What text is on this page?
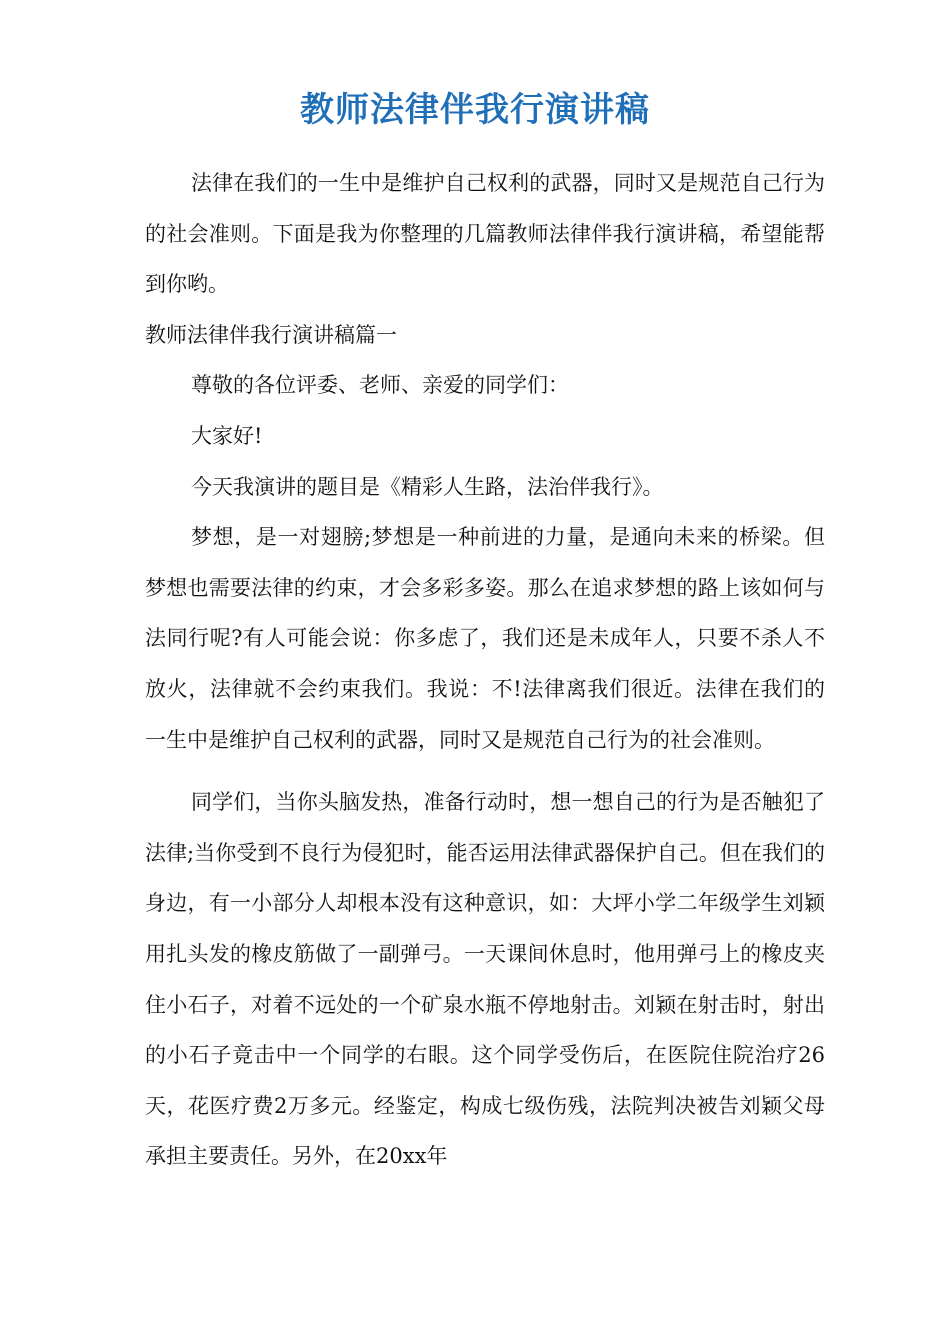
教师法律伴我行演讲稿

法律在我们的一生中是维护自己权利的武器，同时又是规范自己行为的社会准则。下面是我为你整理的几篇教师法律伴我行演讲稿，希望能帮到你哟。

教师法律伴我行演讲稿篇一

尊敬的各位评委、老师、亲爱的同学们：

大家好!

今天我演讲的题目是《精彩人生路，法治伴我行》。

梦想，是一对翅膀;梦想是一种前进的力量，是通向未来的桥梁。但梦想也需要法律的约束，才会多彩多姿。那么在追求梦想的路上该如何与法同行呢?有人可能会说：你多虑了，我们还是未成年人，只要不杀人不放火，法律就不会约束我们。我说：不!法律离我们很近。法律在我们的一生中是维护自己权利的武器，同时又是规范自己行为的社会准则。

同学们，当你头脑发热，准备行动时，想一想自己的行为是否触犯了法律;当你受到不良行为侵犯时，能否运用法律武器保护自己。但在我们的身边，有一小部分人却根本没有这种意识，如：大坪小学二年级学生刘颖用扎头发的橡皮筋做了一副弹弓。一天课间休息时，他用弹弓上的橡皮夹住小石子，对着不远处的一个矿泉水瓶不停地射击。刘颖在射击时，射出的小石子竟击中一个同学的右眼。这个同学受伤后，在医院住院治疗26天，花医疗费2万多元。经鉴定，构成七级伤残，法院判决被告刘颖父母承担主要责任。另外，在20xx年
